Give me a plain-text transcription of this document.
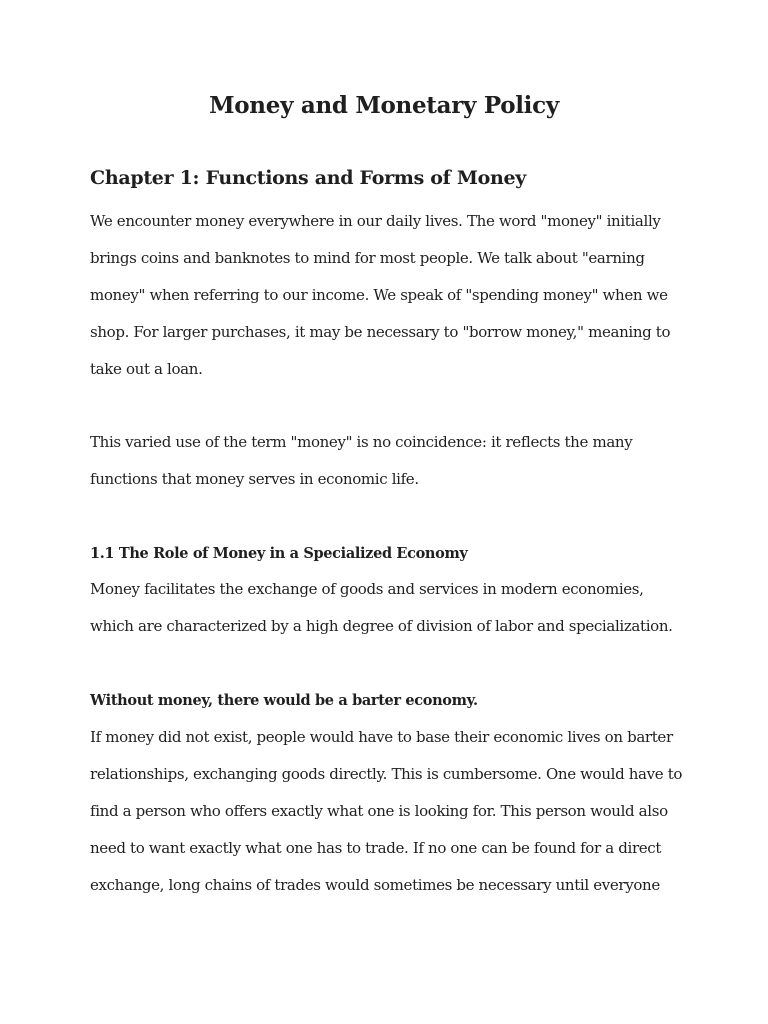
Money and Monetary Policy
Chapter 1: Functions and Forms of Money

We encounter money everywhere in our daily lives. The word "money" initially
brings coins and banknotes to mind for most people. We talk about "earning
money" when referring to our income. We speak of "spending money" when we
shop. For larger purchases, it may be necessary to "borrow money," meaning to
take out a loan.

This varied use of the term "money" is no coincidence: it reflects the many
functions that money serves in economic life.

1.1 The Role of Money in a Specialized Economy

Money facilitates the exchange of goods and services in modern economies,
which are characterized by a high degree of division of labor and specialization.

Without money, there would be a barter economy.

If money did not exist, people would have to base their economic lives on barter
relationships, exchanging goods directly. This is cumbersome. One would have to
find a person who offers exactly what one is looking for. This person would also
need to want exactly what one has to trade. If no one can be found for a direct
exchange, long chains of trades would sometimes be necessary until everyone
